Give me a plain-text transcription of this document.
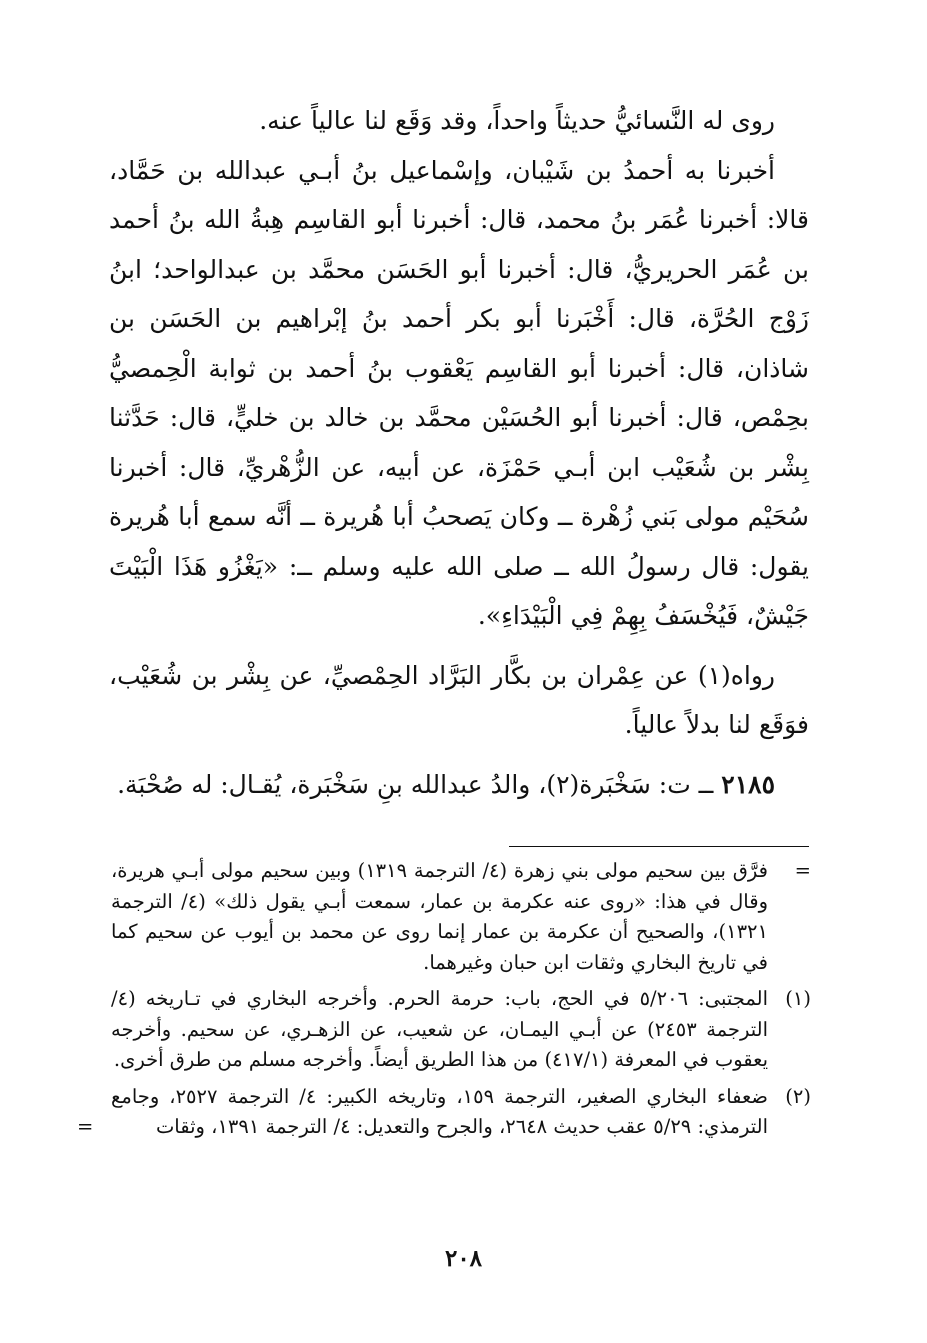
روى له النَّسائيُّ حديثاً واحداً، وقد وَقَع لنا عالياً عنه.

أخبرنا به أحمدُ بن شَيْبان، وإسْماعيل بنُ أبـي عبدالله بن حَمَّاد، قالا: أخبرنا عُمَر بنُ محمد، قال: أخبرنا أبو القاسِم هِبةُ الله بنُ أحمد بن عُمَر الحريريُّ، قال: أخبرنا أبو الحَسَن محمَّد بن عبدالواحد؛ ابنُ زَوْج الحُرَّة، قال: أَخْبَرنا أبو بكر أحمد بنُ إبْراهيم بن الحَسَن بن شاذان، قال: أخبرنا أبو القاسِم يَعْقوب بنُ أحمد بن ثوابة الْحِمصيُّ بحِمْص، قال: أخبرنا أبو الحُسَيْن محمَّد بن خالد بن خليٍّ، قال: حَدَّثنا بِشْر بن شُعَيْب ابن أبـي حَمْزَة، عن أبيه، عن الزُّهْريِّ، قال: أخبرنا سُحَيْم مولى بَني زُهْرة ــ وكان يَصحبُ أبا هُريرة ــ أنَّه سمع أبا هُريرة يقول: قال رسولُ الله ــ صلى الله عليه وسلم ــ: «يَغْزُو هَذَا الْبَيْتَ جَيْشٌ، فَيُخْسَفُ بِهِمْ فِي الْبَيْدَاءِ».

رواه(١) عن عِمْران بن بكَّار البَرَّاد الحِمْصيِّ، عن بِشْر بن شُعَيْب، فوَقَع لنا بدلاً عالياً.

٢١٨٥ ــ ت: سَخْبَرة(٢)، والدُ عبدالله بنِ سَخْبَرة، يُقـال: له صُحْبَة.

=
فرَّق بين سحيم مولى بني زهرة (٤/ الترجمة ١٣١٩) وبين سحيم مولى أبـي هريرة، وقال في هذا: «روى عنه عكرمة بن عمار، سمعت أبـي يقول ذلك» (٤/ الترجمة ١٣٢١)، والصحيح أن عكرمة بن عمار إنما روى عن محمد بن أيوب عن سحيم كما في تاريخ البخاري وثقات ابن حبان وغيرهما.
(١)
المجتبى: ٥/٢٠٦ في الحج، باب: حرمة الحرم. وأخرجه البخاري في تـاريخه (٤/ الترجمة ٢٤٥٣) عن أبـي اليمـان، عن شعيب، عن الزهـري، عن سحيم. وأخرجه يعقوب في المعرفة (٤١٧/١) من هذا الطريق أيضاً. وأخرجه مسلم من طرق أخرى.
(٢)
ضعفاء البخاري الصغير، الترجمة ١٥٩، وتاريخه الكبير: ٤/ الترجمة ٢٥٢٧، وجامع الترمذي: ٥/٢٩ عقب حديث ٢٦٤٨، والجرح والتعديل: ٤/ الترجمة ١٣٩١، وثقات
=
٢٠٨
